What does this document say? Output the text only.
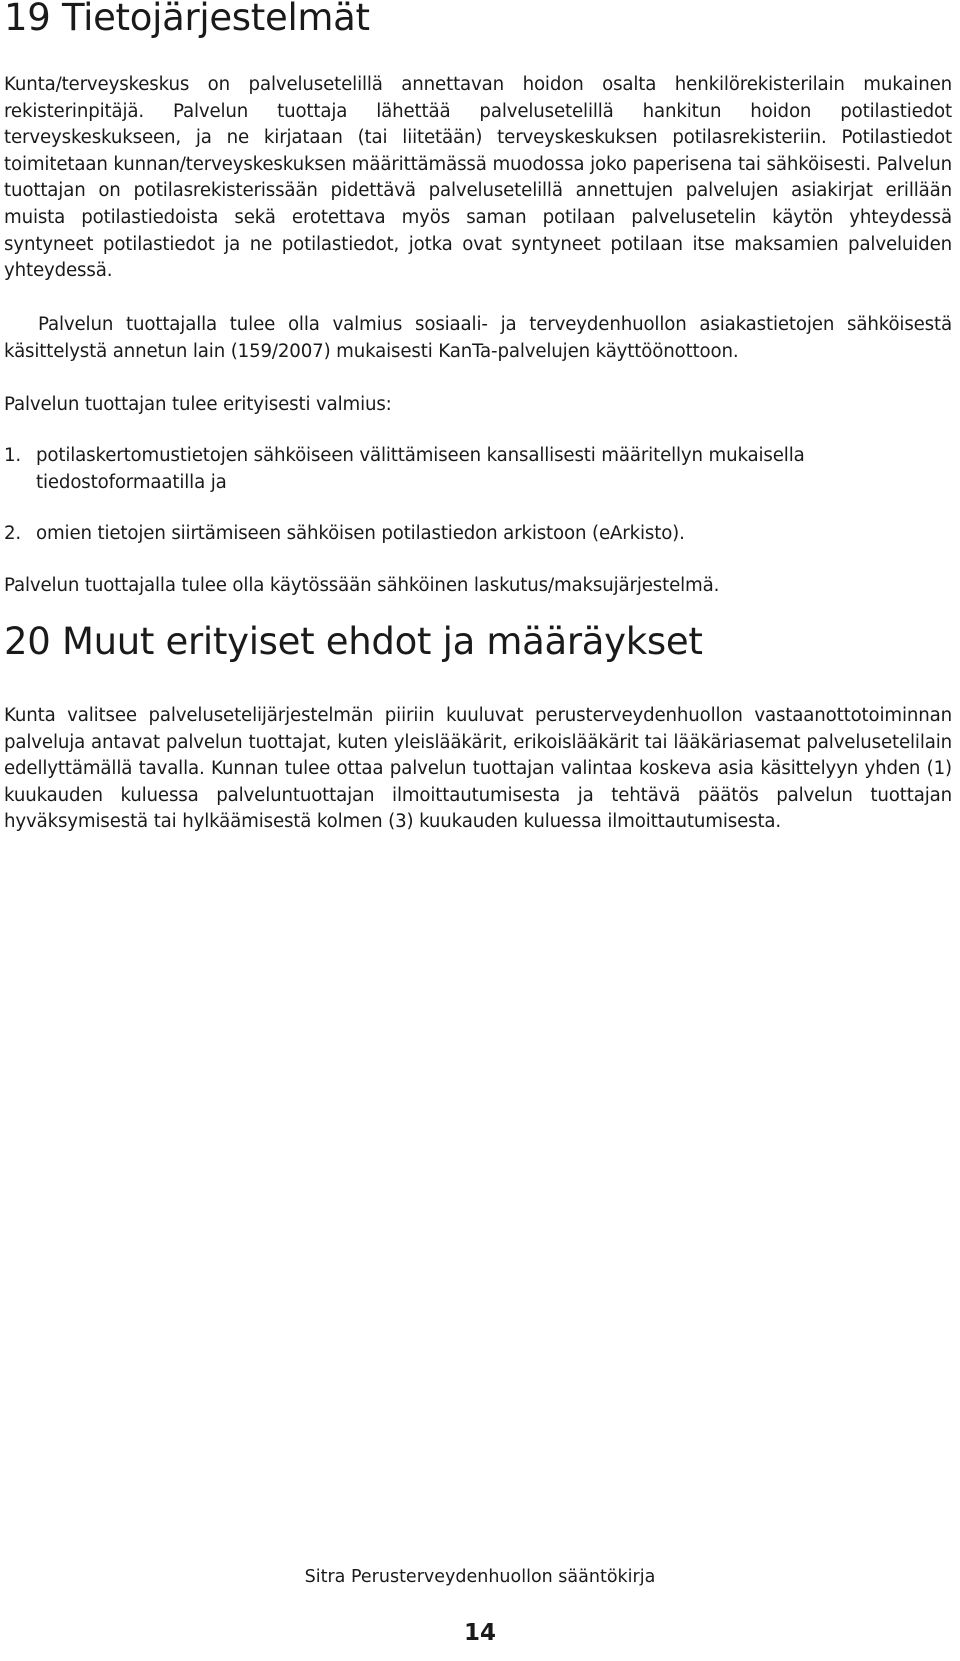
19 Tietojärjestelmät

Kunta/terveyskeskus on palvelusetelillä annettavan hoidon osalta henkilörekisterilain mukainen rekisterinpitäjä. Palvelun tuottaja lähettää palvelusetelillä hankitun hoidon potilastiedot terveyskeskukseen, ja ne kirjataan (tai liitetään) terveyskeskuksen potilasrekisteriin. Potilastiedot toimitetaan kunnan/terveyskeskuksen määrittämässä muodossa joko paperisena tai sähköisesti. Palvelun tuottajan on potilasrekisterissään pidettävä palvelusetelillä annettujen palvelujen asiakirjat erillään muista potilastiedoista sekä erotettava myös saman potilaan palvelusetelin käytön yhteydessä syntyneet potilastiedot ja ne potilastiedot, jotka ovat syntyneet potilaan itse maksamien palveluiden yhteydessä.

Palvelun tuottajalla tulee olla valmius sosiaali- ja terveydenhuollon asiakastietojen sähköisestä käsittelystä annetun lain (159/2007) mukaisesti KanTa-palvelujen käyttöönottoon.

Palvelun tuottajan tulee erityisesti valmius:

1. potilaskertomustietojen sähköiseen välittämiseen kansallisesti määritellyn mukaisella tiedostoformaatilla ja
2. omien tietojen siirtämiseen sähköisen potilastiedon arkistoon (eArkisto).

Palvelun tuottajalla tulee olla käytössään sähköinen laskutus/maksujärjestelmä.

20 Muut erityiset ehdot ja määräykset

Kunta valitsee palvelusetelijärjestelmän piiriin kuuluvat perusterveydenhuollon vastaanottotoiminnan palveluja antavat palvelun tuottajat, kuten yleislääkärit, erikoislääkärit tai lääkäriasemat palvelusetelilain edellyttämällä tavalla. Kunnan tulee ottaa palvelun tuottajan valintaa koskeva asia käsittelyyn yhden (1) kuukauden kuluessa palveluntuottajan ilmoittautumisesta ja tehtävä päätös palvelun tuottajan hyväksymisestä tai hylkäämisestä kolmen (3) kuukauden kuluessa ilmoittautumisesta.

Sitra Perusterveydenhuollon sääntökirja
14
